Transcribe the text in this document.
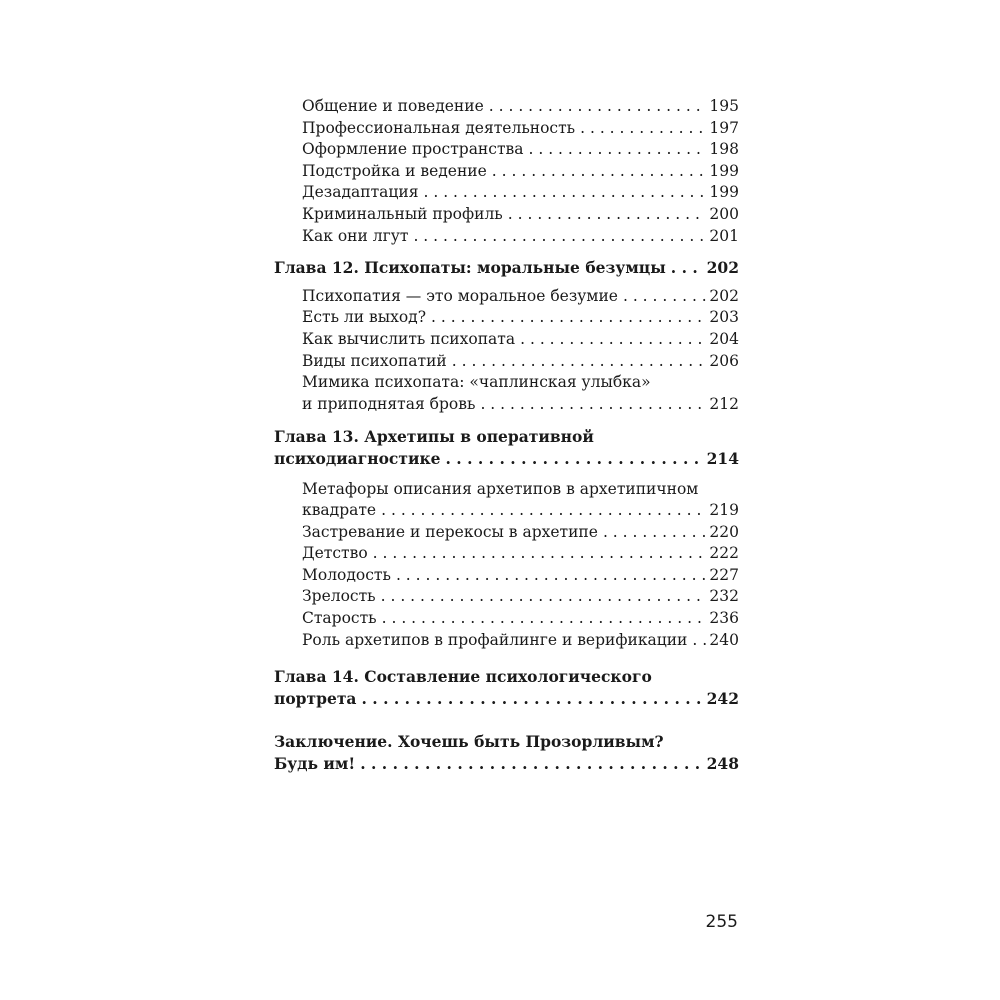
Общение и поведение . . .	195
Профессиональная деятельность . . .	197
Оформление пространства . . .	198
Подстройка и ведение . . .	199
Дезадаптация . . .	199
Криминальный профиль . . .	200
Как они лгут . . .	201
Глава 12. Психопаты: моральные безумцы . . .	202
Психопатия — это моральное безумие . . .	202
Есть ли выход? . . .	203
Как вычислить психопата . . .	204
Виды психопатий . . .	206
Мимика психопата: «чаплинская улыбка»
и приподнятая бровь . . .	212
Глава 13. Архетипы в оперативной
психодиагностике . . .	214
Метафоры описания архетипов в архетипичном
квадрате . . .	219
Застревание и перекосы в архетипе . . .	220
Детство . . .	222
Молодость . . .	227
Зрелость . . .	232
Старость . . .	236
Роль архетипов в профайлинге и верификации . . . 240
Глава 14. Составление психологического
портрета . . .	242
Заключение. Хочешь быть Прозорливым?
Будь им! . . .	248
255
